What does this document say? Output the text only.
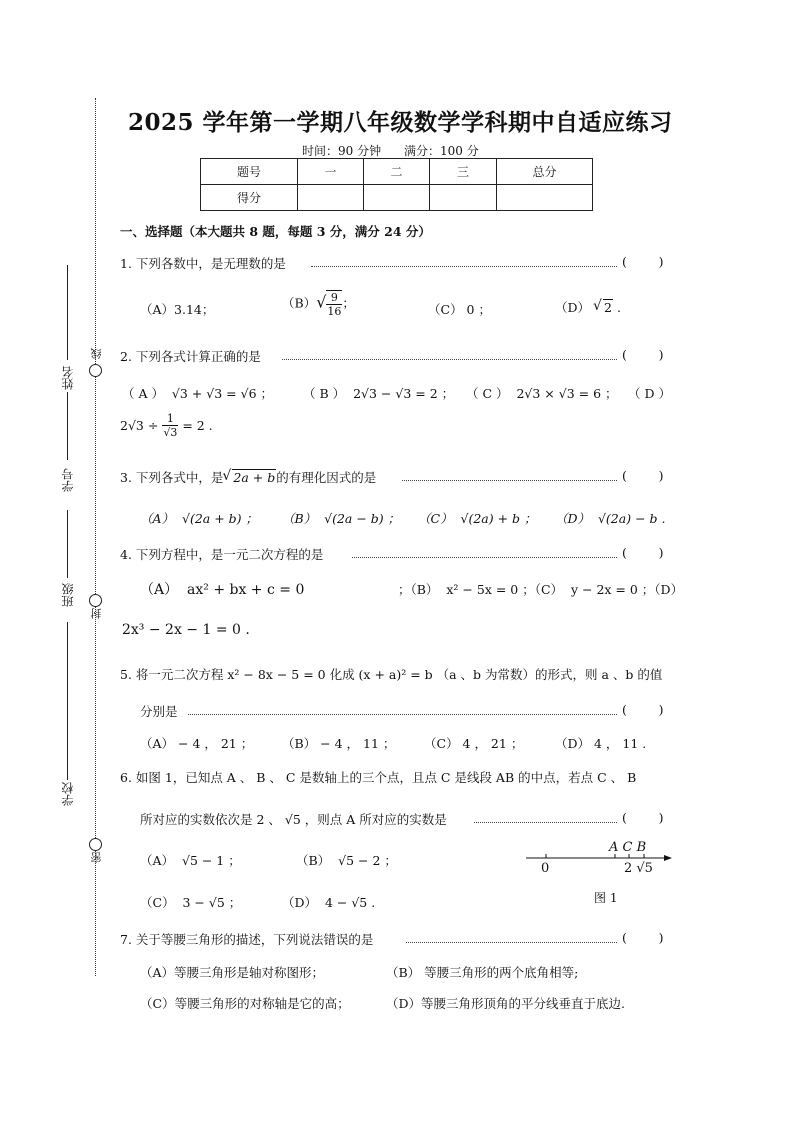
姓名
线
学号
班级
封
学校
密
2025 学年第一学期八年级数学学科期中自适应练习
时间：90 分钟      满分：100 分
题号	一	二	三	总分
得分				
一、选择题（本大题共 8 题，每题 3 分，满分 24 分）
1. 下列各数中，是无理数的是	(        )
（A）3.14；	$(B)√ \frac{9}{16}$ ；	（C） 0 ；	（D） √ 2 .
2. 下列各式计算正确的是	(        )
（ A ）  √3 + √3 = √6 ； （ B ）  2√3 − √3 = 2 ； （ C ）  2√3 × √3 = 6 ； （ D ）
$2√3 \div \frac{1}{√3} = 2$ .
3. 下列各式中，是 √ 2a + b的有理化因式的是	(        )
（A）  √(2a + b) ； （B）  √(2a − b) ； （C）  √(2a) + b ； （D）  √(2a) − b .
4. 下列方程中，是一元二次方程的是	(        )
（A）  ax² + bx + c = 0	；（B）  x² − 5x = 0 ；（C）  y − 2x = 0 ；（D）
2x³ − 2x − 1 = 0 .
5. 将一元二次方程 x² − 8x − 5 = 0 化成 (x + a)² = b （a 、b 为常数）的形式，则 a 、b 的值
分别是	(        )
（A） − 4 ， 21 ； （B） − 4 ， 11 ； （C） 4 ， 21 ；	（D） 4 ， 11 .
6. 如图 1，已知点 A 、 B 、 C 是数轴上的三个点，且点 C 是线段 AB 的中点，若点 C 、 B
所对应的实数依次是 2 、 √5 ，则点 A 所对应的实数是	(        )
（A）  √5 − 1 ；	（B）  √5 − 2 ；
（C）  3 − √5 ；	（D）  4 − √5 .
A C B
0	2 √5
图 1
7. 关于等腰三角形的描述，下列说法错误的是	(        )
（A）等腰三角形是轴对称图形；	（B） 等腰三角形的两个底角相等;
（C）等腰三角形的对称轴是它的高；	（D）等腰三角形顶角的平分线垂直于底边.
